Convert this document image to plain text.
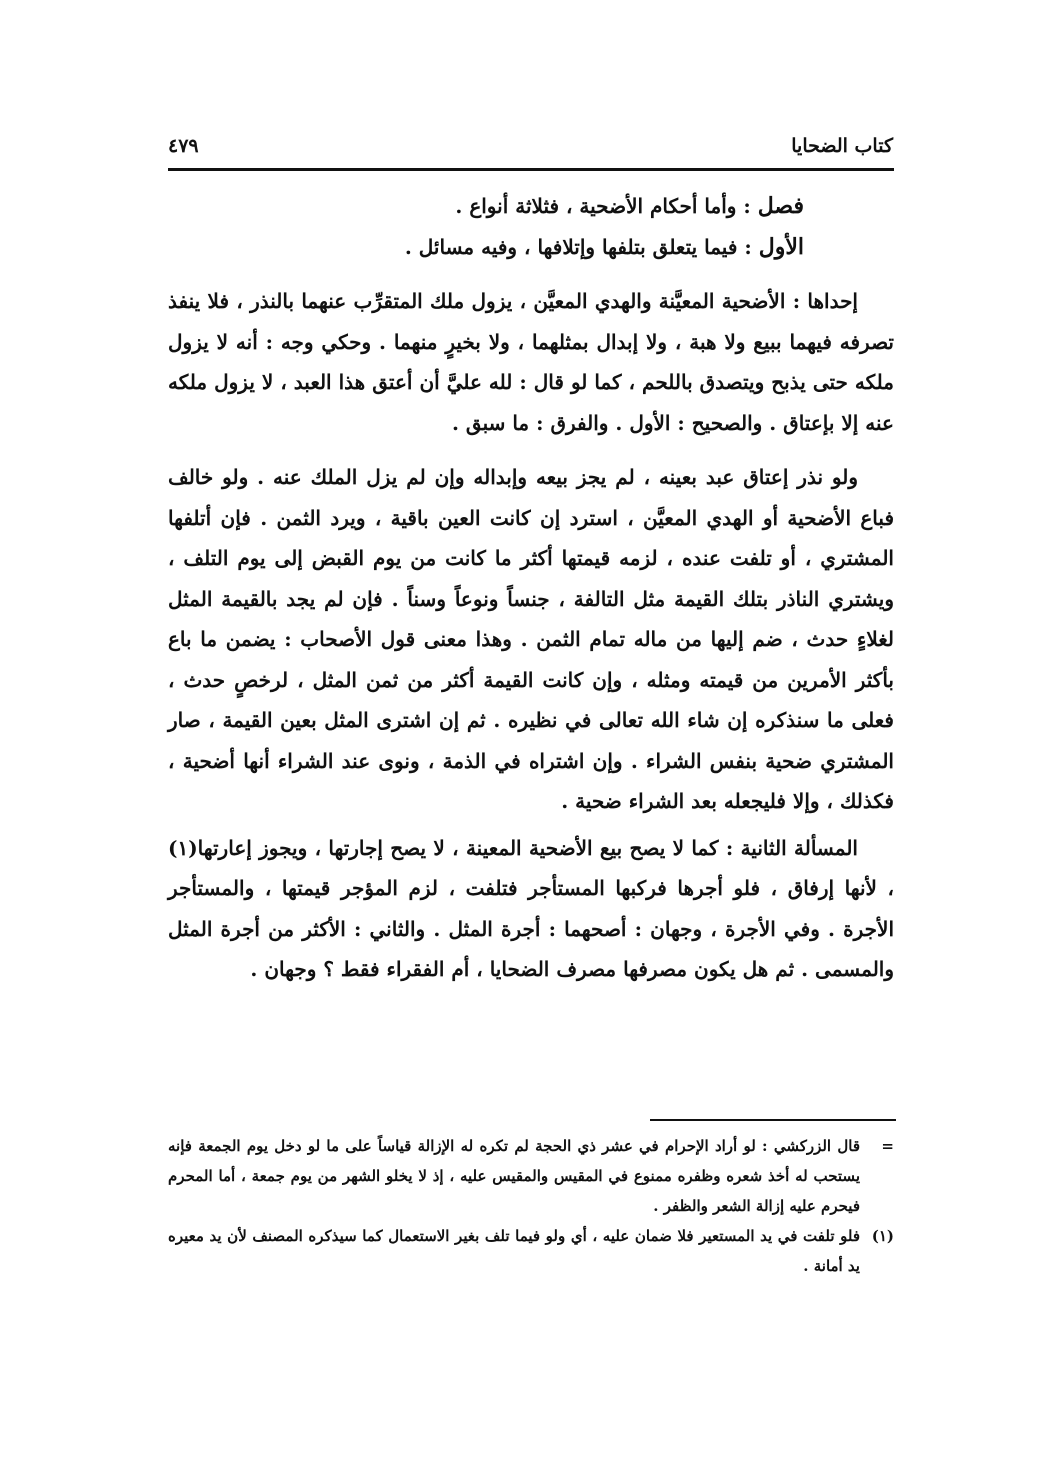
كتاب الضحايا
٤٧٩

فصل : وأما أحكام الأضحية ، فثلاثة أنواع .

الأول : فيما يتعلق بتلفها وإتلافها ، وفيه مسائل .

إحداها : الأضحية المعيَّنة والهدي المعيَّن ، يزول ملك المتقرِّب عنهما بالنذر ، فلا ينفذ تصرفه فيهما ببيع ولا هبة ، ولا إبدال بمثلهما ، ولا بخيرٍ منهما . وحكي وجه : أنه لا يزول ملكه حتى يذبح ويتصدق باللحم ، كما لو قال : لله عليَّ أن أعتق هذا العبد ، لا يزول ملكه عنه إلا بإعتاق . والصحيح : الأول . والفرق : ما سبق .

ولو نذر إعتاق عبد بعينه ، لم يجز بيعه وإبداله وإن لم يزل الملك عنه . ولو خالف فباع الأضحية أو الهدي المعيَّن ، استرد إن كانت العين باقية ، ويرد الثمن . فإن أتلفها المشتري ، أو تلفت عنده ، لزمه قيمتها أكثر ما كانت من يوم القبض إلى يوم التلف ، ويشتري الناذر بتلك القيمة مثل التالفة ، جنساً ونوعاً وسناً . فإن لم يجد بالقيمة المثل لغلاءٍ حدث ، ضم إليها من ماله تمام الثمن . وهذا معنى قول الأصحاب : يضمن ما باع بأكثر الأمرين من قيمته ومثله ، وإن كانت القيمة أكثر من ثمن المثل ، لرخصٍ حدث ، فعلى ما سنذكره إن شاء الله تعالى في نظيره . ثم إن اشترى المثل بعين القيمة ، صار المشتري ضحية بنفس الشراء . وإن اشتراه في الذمة ، ونوى عند الشراء أنها أضحية ، فكذلك ، وإلا فليجعله بعد الشراء ضحية .

المسألة الثانية : كما لا يصح بيع الأضحية المعينة ، لا يصح إجارتها ، ويجوز إعارتها(١) ، لأنها إرفاق ، فلو أجرها فركبها المستأجر فتلفت ، لزم المؤجر قيمتها ، والمستأجر الأجرة . وفي الأجرة ، وجهان : أصحهما : أجرة المثل . والثاني : الأكثر من أجرة المثل والمسمى . ثم هل يكون مصرفها مصرف الضحايا ، أم الفقراء فقط ؟ وجهان .

=
قال الزركشي : لو أراد الإحرام في عشر ذي الحجة لم تكره له الإزالة قياساً على ما لو دخل يوم الجمعة فإنه يستحب له أخذ شعره وظفره ممنوع في المقيس والمقيس عليه ، إذ لا يخلو الشهر من يوم جمعة ، أما المحرم فيحرم عليه إزالة الشعر والظفر .
(١)
فلو تلفت في يد المستعير فلا ضمان عليه ، أي ولو فيما تلف بغير الاستعمال كما سيذكره المصنف لأن يد معيره يد أمانة .
